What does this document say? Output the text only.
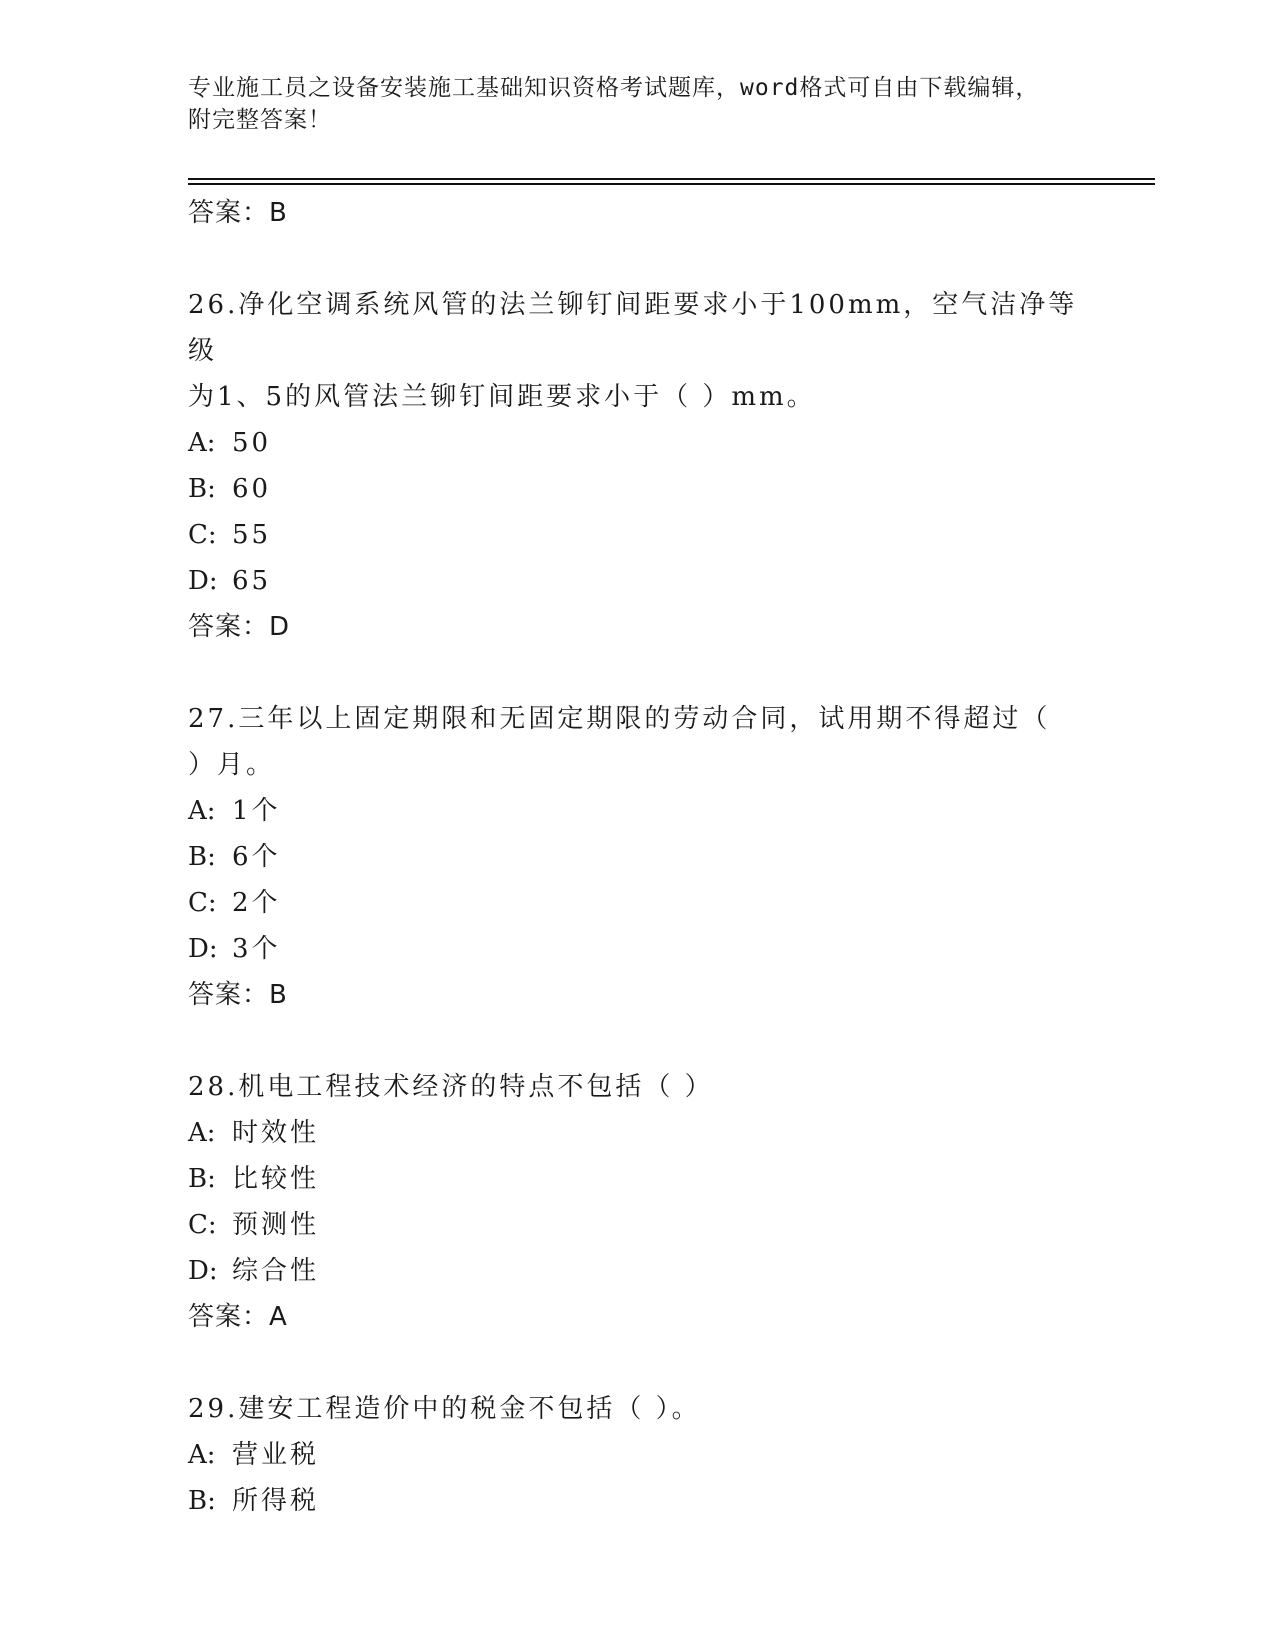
专业施工员之设备安装施工基础知识资格考试题库，word格式可自由下载编辑，
附完整答案！
答案：B
26.净化空调系统风管的法兰铆钉间距要求小于100mm，空气洁净等级
为1、5的风管法兰铆钉间距要求小于（ ）mm。
A: 50
B: 60
C: 55
D: 65
答案：D
27.三年以上固定期限和无固定期限的劳动合同，试用期不得超过（
）月。
A: 1个
B: 6个
C: 2个
D: 3个
答案：B
28.机电工程技术经济的特点不包括（ ）
A: 时效性
B: 比较性
C: 预测性
D: 综合性
答案：A
29.建安工程造价中的税金不包括（ ）。
A: 营业税
B: 所得税
